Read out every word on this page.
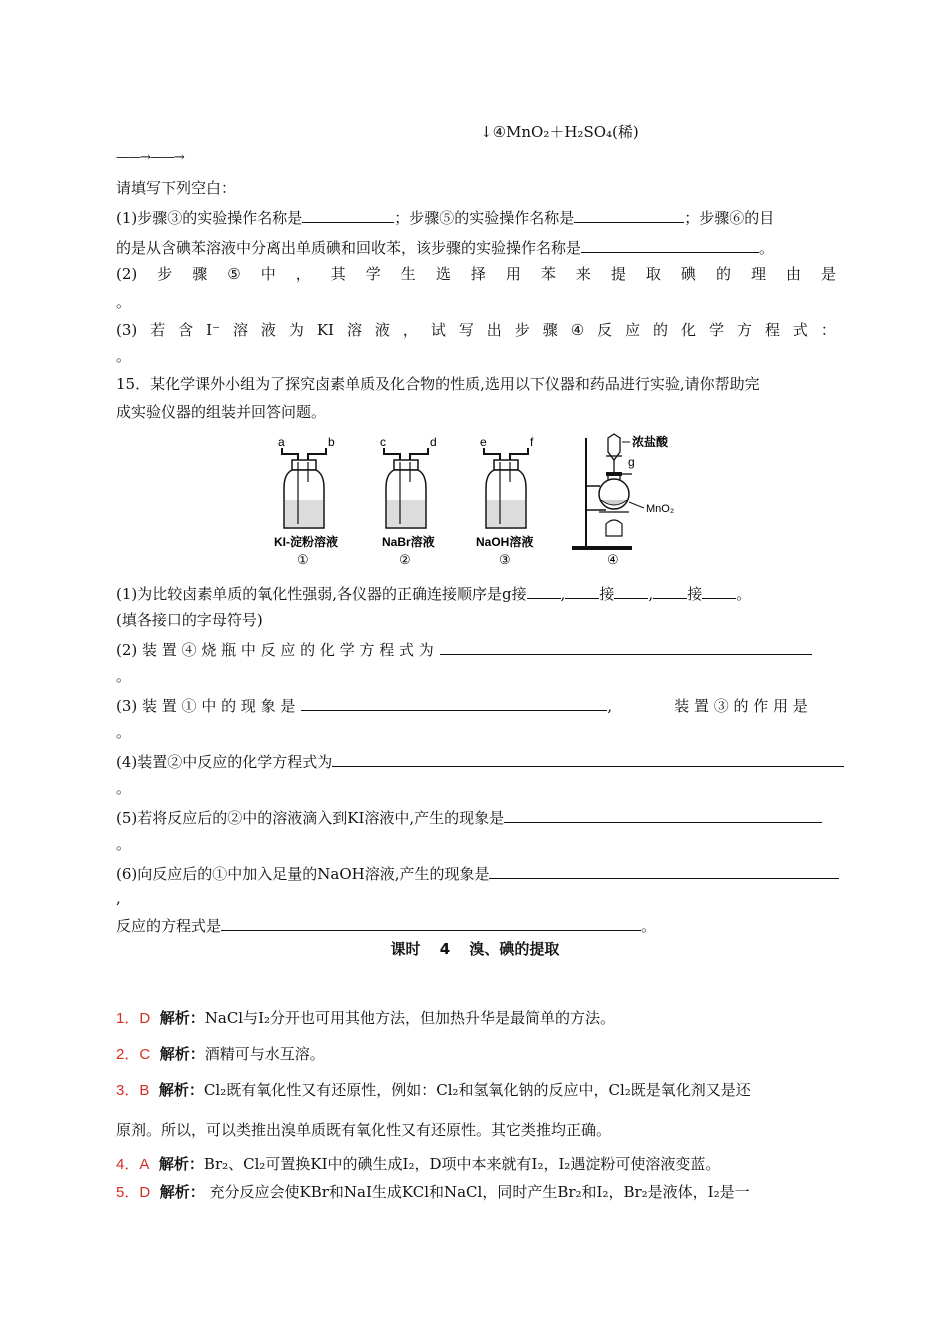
↓④MnO₂＋H₂SO₄(稀)
——→——→
请填写下列空白：
(1)步骤③的实验操作名称是	；步骤⑤的实验操作名称是	；步骤⑥的目
的是从含碘苯溶液中分离出单质碘和回收苯，该步骤的实验操作名称是	。
(2) 步 骤 ⑤ 中 ， 其 学 生 选 择 用 苯 来 提 取 碘 的 理 由 是
。
(3) 若 含 I⁻ 溶 液 为 KI 溶 液 ， 试 写 出 步 骤 ④ 反 应 的 化 学 方 程 式 ：
。
15．某化学课外小组为了探究卤素单质及化合物的性质,选用以下仪器和药品进行实验,请你帮助完
成实验仪器的组装并回答问题。
a	b
KI-淀粉溶液
①
c	d
NaBr溶液
②
e	f
NaOH溶液
③
浓盐酸
g
MnO₂
④
(1)为比较卤素单质的氧化性强弱,各仪器的正确连接顺序是g接 , 接 , 接 。
(填各接口的字母符号)
(2) 装 置 ④ 烧 瓶 中 反 应 的 化 学 方 程 式 为
。
(3) 装 置 ① 中 的 现 象 是	,	装 置 ③ 的 作 用 是
。
(4)装置②中反应的化学方程式为
。
(5)若将反应后的②中的溶液滴入到KI溶液中,产生的现象是
。
(6)向反应后的①中加入足量的NaOH溶液,产生的现象是
,
反应的方程式是	。
课时 4 溴、碘的提取
1．D 解析：NaCl与I₂分开也可用其他方法，但加热升华是最简单的方法。
2．C 解析：酒精可与水互溶。
3．B 解析：Cl₂既有氧化性又有还原性，例如：Cl₂和氢氧化钠的反应中，Cl₂既是氧化剂又是还
原剂。所以，可以类推出溴单质既有氧化性又有还原性。其它类推均正确。
4．A 解析：Br₂、Cl₂可置换KI中的碘生成I₂，D项中本来就有I₂，I₂遇淀粉可使溶液变蓝。
5．D 解析： 充分反应会使KBr和NaI生成KCl和NaCl，同时产生Br₂和I₂，Br₂是液体，I₂是一
